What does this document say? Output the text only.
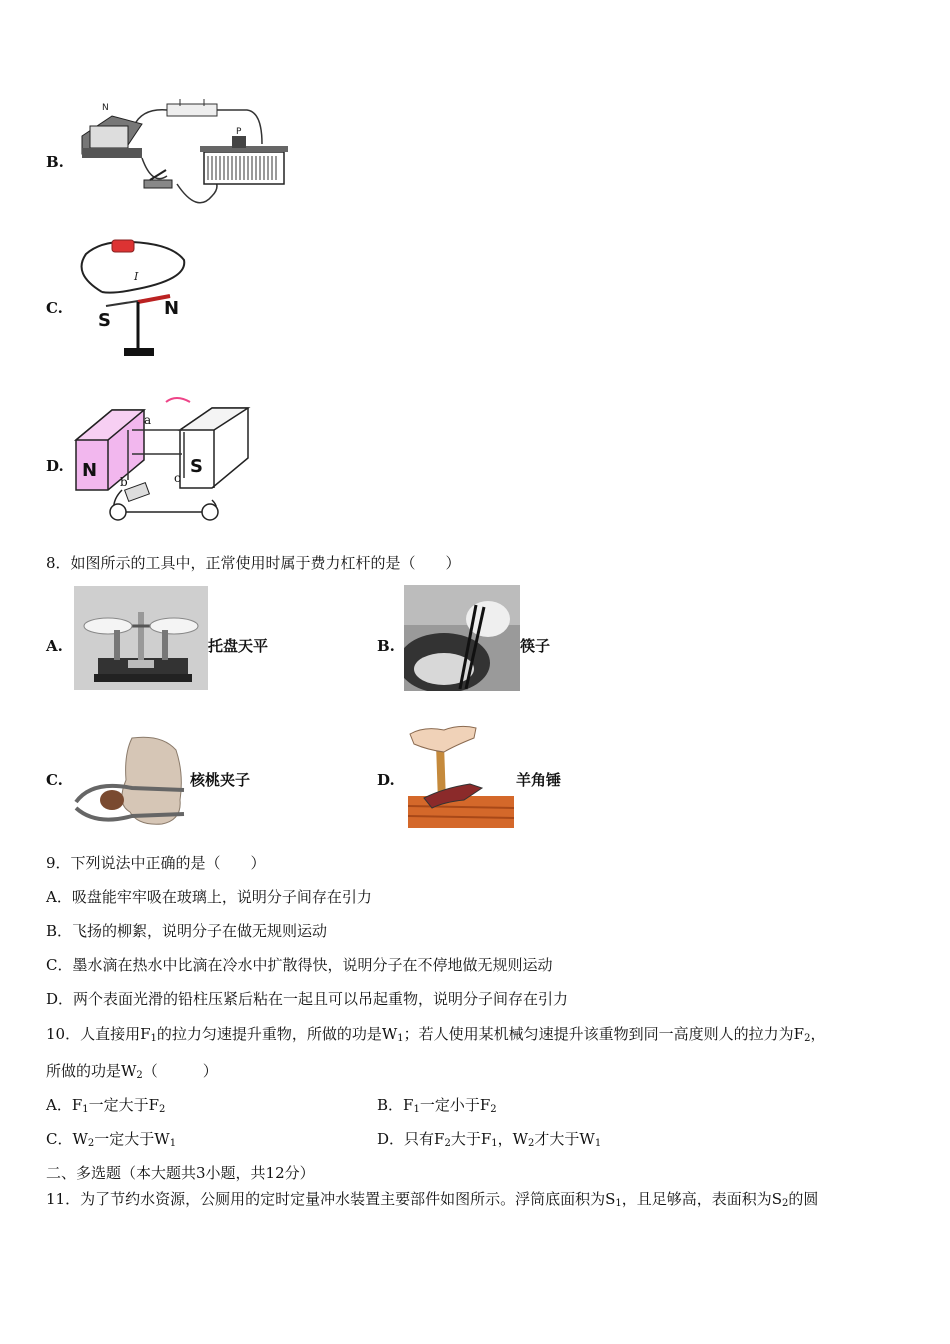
B.
N
P
C.
I
S
N
D. N	S
a
b	c
8．如图所示的工具中，正常使用时属于费力杠杆的是（　　）
A.	托盘天平	B.	筷子
C.	核桃夹子	D.	羊角锤
9．下列说法中正确的是（　　）
A．吸盘能牢牢吸在玻璃上，说明分子间存在引力
B．飞扬的柳絮，说明分子在做无规则运动
C．墨水滴在热水中比滴在冷水中扩散得快，说明分子在不停地做无规则运动
D．两个表面光滑的铅柱压紧后粘在一起且可以吊起重物，说明分子间存在引力
10．人直接用$F_1$的拉力匀速提升重物，所做的功是$W_1$；若人使用某机械匀速提升该重物到同一高度则人的拉力为$F_2$，
所做的功是$W_2$（　　　）
A．$F_1$一定大于$F_2$	B．$F_1$一定小于$F_2$
C．$W_2$一定大于$W_1$	D．只有$F_2$大于$F_1$，$W_2$才大于$W_1$
二、多选题（本大题共3小题，共12分）
11．为了节约水资源，公厕用的定时定量冲水装置主要部件如图所示。浮筒底面积为$S_1$，且足够高，表面积为$S_2$的圆
